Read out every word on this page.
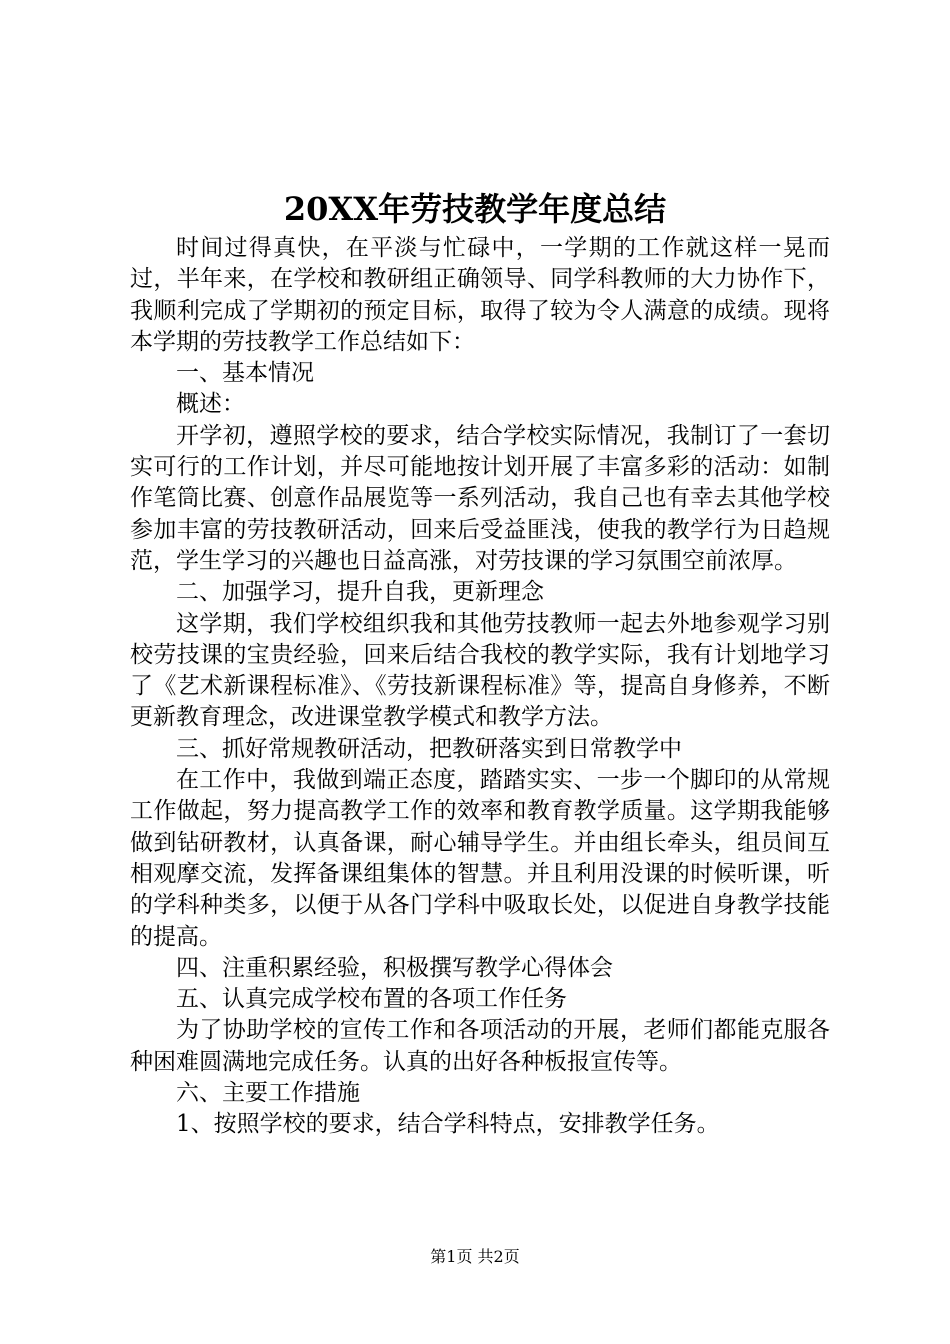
20XX年劳技教学年度总结

时间过得真快，在平淡与忙碌中，一学期的工作就这样一晃而过，半年来，在学校和教研组正确领导、同学科教师的大力协作下，我顺利完成了学期初的预定目标，取得了较为令人满意的成绩。现将本学期的劳技教学工作总结如下：

一、基本情况

概述：

开学初，遵照学校的要求，结合学校实际情况，我制订了一套切实可行的工作计划，并尽可能地按计划开展了丰富多彩的活动：如制作笔筒比赛、创意作品展览等一系列活动，我自己也有幸去其他学校参加丰富的劳技教研活动，回来后受益匪浅，使我的教学行为日趋规范，学生学习的兴趣也日益高涨，对劳技课的学习氛围空前浓厚。

二、加强学习，提升自我，更新理念

这学期，我们学校组织我和其他劳技教师一起去外地参观学习别校劳技课的宝贵经验，回来后结合我校的教学实际，我有计划地学习了《艺术新课程标准》、《劳技新课程标准》等，提高自身修养，不断更新教育理念，改进课堂教学模式和教学方法。

三、抓好常规教研活动，把教研落实到日常教学中

在工作中，我做到端正态度，踏踏实实、一步一个脚印的从常规工作做起，努力提高教学工作的效率和教育教学质量。这学期我能够做到钻研教材，认真备课，耐心辅导学生。并由组长牵头，组员间互相观摩交流，发挥备课组集体的智慧。并且利用没课的时候听课，听的学科种类多，以便于从各门学科中吸取长处，以促进自身教学技能的提高。

四、注重积累经验，积极撰写教学心得体会

五、认真完成学校布置的各项工作任务

为了协助学校的宣传工作和各项活动的开展，老师们都能克服各种困难圆满地完成任务。认真的出好各种板报宣传等。

六、主要工作措施

1、按照学校的要求，结合学科特点，安排教学任务。

第1页 共2页
